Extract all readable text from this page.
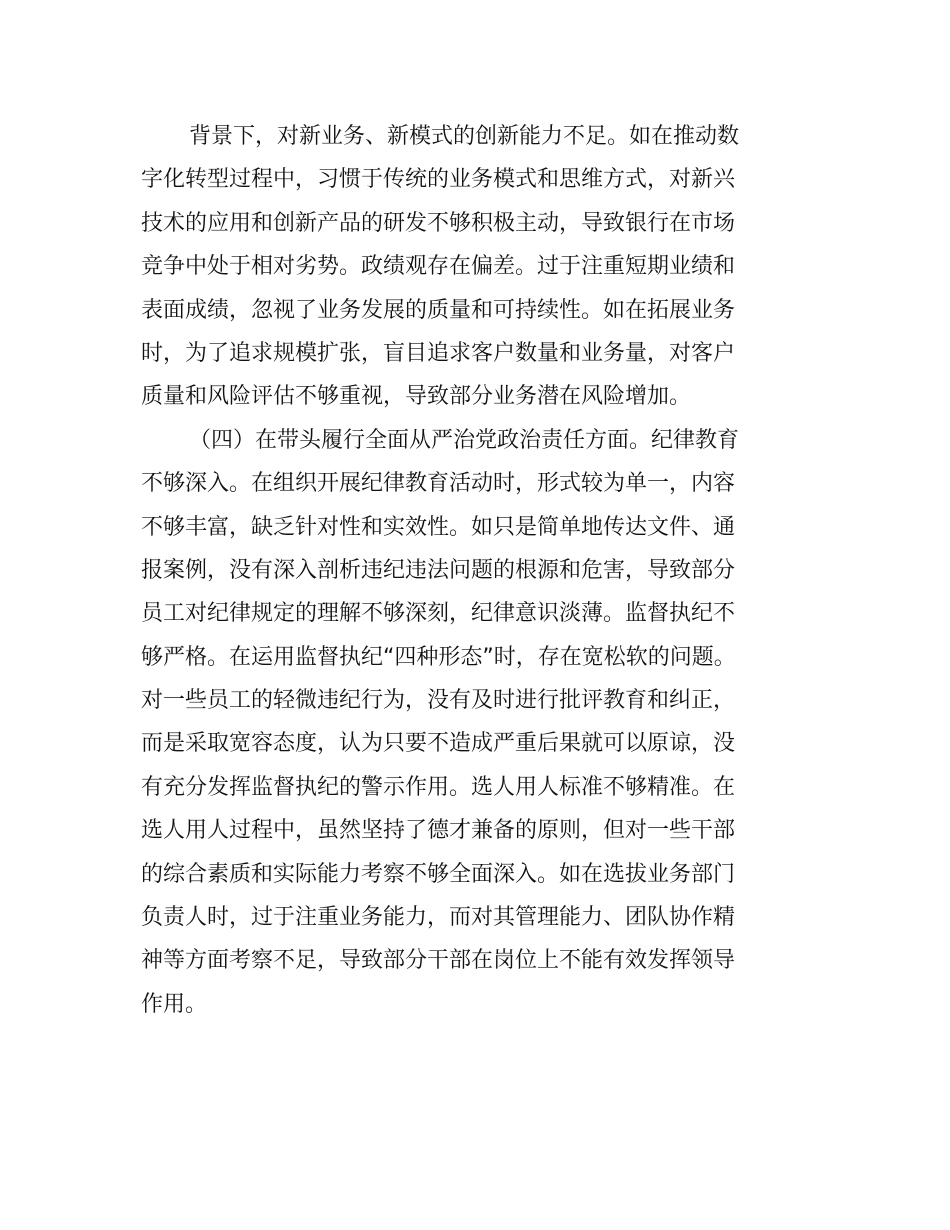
背景下，对新业务、新模式的创新能力不足。如在推动数
字化转型过程中，习惯于传统的业务模式和思维方式，对新兴
技术的应用和创新产品的研发不够积极主动，导致银行在市场
竞争中处于相对劣势。政绩观存在偏差。过于注重短期业绩和
表面成绩，忽视了业务发展的质量和可持续性。如在拓展业务
时，为了追求规模扩张，盲目追求客户数量和业务量，对客户
质量和风险评估不够重视，导致部分业务潜在风险增加。
（四）在带头履行全面从严治党政治责任方面。纪律教育
不够深入。在组织开展纪律教育活动时，形式较为单一，内容
不够丰富，缺乏针对性和实效性。如只是简单地传达文件、通
报案例，没有深入剖析违纪违法问题的根源和危害，导致部分
员工对纪律规定的理解不够深刻，纪律意识淡薄。监督执纪不
够严格。在运用监督执纪“四种形态”时，存在宽松软的问题。
对一些员工的轻微违纪行为，没有及时进行批评教育和纠正，
而是采取宽容态度，认为只要不造成严重后果就可以原谅，没
有充分发挥监督执纪的警示作用。选人用人标准不够精准。在
选人用人过程中，虽然坚持了德才兼备的原则，但对一些干部
的综合素质和实际能力考察不够全面深入。如在选拔业务部门
负责人时，过于注重业务能力，而对其管理能力、团队协作精
神等方面考察不足，导致部分干部在岗位上不能有效发挥领导
作用。
